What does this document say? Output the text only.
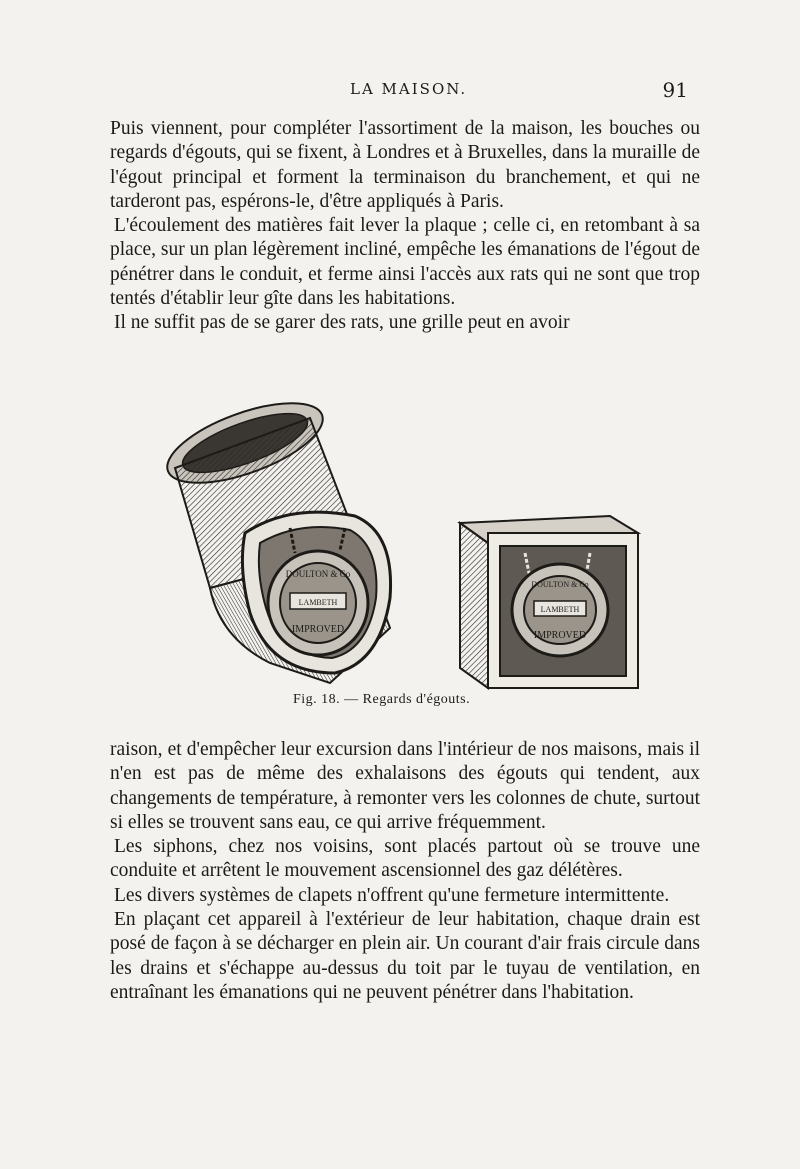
LA MAISON.	91

Puis viennent, pour compléter l'assortiment de la maison, les bouches ou regards d'égouts, qui se fixent, à Londres et à Bruxelles, dans la muraille de l'égout principal et forment la terminaison du branchement, et qui ne tarderont pas, espérons-le, d'être appliqués à Paris.

L'écoulement des matières fait lever la plaque ; celle ci, en retombant à sa place, sur un plan légèrement incliné, empêche les émanations de l'égout de pénétrer dans le conduit, et ferme ainsi l'accès aux rats qui ne sont que trop tentés d'établir leur gîte dans les habitations.

Il ne suffit pas de se garer des rats, une grille peut en avoir

DOULTON & Co
LAMBETH
IMPROVED
DOULTON & Co
LAMBETH
IMPROVED
Fig. 18. — Regards d'égouts.

raison, et d'empêcher leur excursion dans l'intérieur de nos maisons, mais il n'en est pas de même des exhalaisons des égouts qui tendent, aux changements de température, à remonter vers les colonnes de chute, surtout si elles se trouvent sans eau, ce qui arrive fréquemment.

Les siphons, chez nos voisins, sont placés partout où se trouve une conduite et arrêtent le mouvement ascensionnel des gaz délétères.

Les divers systèmes de clapets n'offrent qu'une fermeture intermittente.

En plaçant cet appareil à l'extérieur de leur habitation, chaque drain est posé de façon à se décharger en plein air. Un courant d'air frais circule dans les drains et s'échappe au-dessus du toit par le tuyau de ventilation, en entraînant les émanations qui ne peuvent pénétrer dans l'habitation.
